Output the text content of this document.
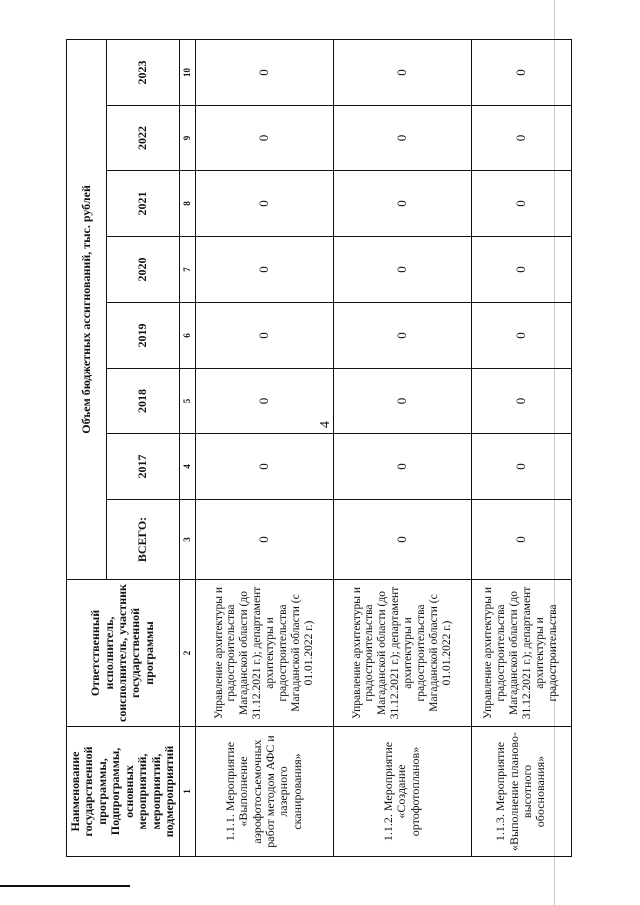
4
Наименование государственной программы, Подпрограммы, основных мероприятий, мероприятий, подмероприятий	Ответственный исполнитель, соисполнитель, участник государственной программы	Объем бюджетных ассигнований, тыс. рублей							
		ВСЕГО:	2017	2018	2019	2020	2021	2022	2023
1	2	3	4	5	6	7	8	9	10
1.1.1. Мероприятие «Выполнение аэрофотосъемочных работ методом АФС и лазерного сканирования»	Управление архитектуры и градостроительства Магаданской области (до 31.12.2021 г.); департамент архитектуры и градостроительства Магаданской области (с 01.01.2022 г.)	0	0	0	0	0	0	0	0
1.1.2. Мероприятие «Создание ортофотопланов»	Управление архитектуры и градостроительства Магаданской области (до 31.12.2021 г.); департамент архитектуры и градостроительства Магаданской области (с 01.01.2022 г.)	0	0	0	0	0	0	0	0
1.1.3. Мероприятие «Выполнение планово-высотного обоснования»	Управление архитектуры и градостроительства Магаданской области (до 31.12.2021 г.); департамент архитектуры и градостроительства	0	0	0	0	0	0	0	0
